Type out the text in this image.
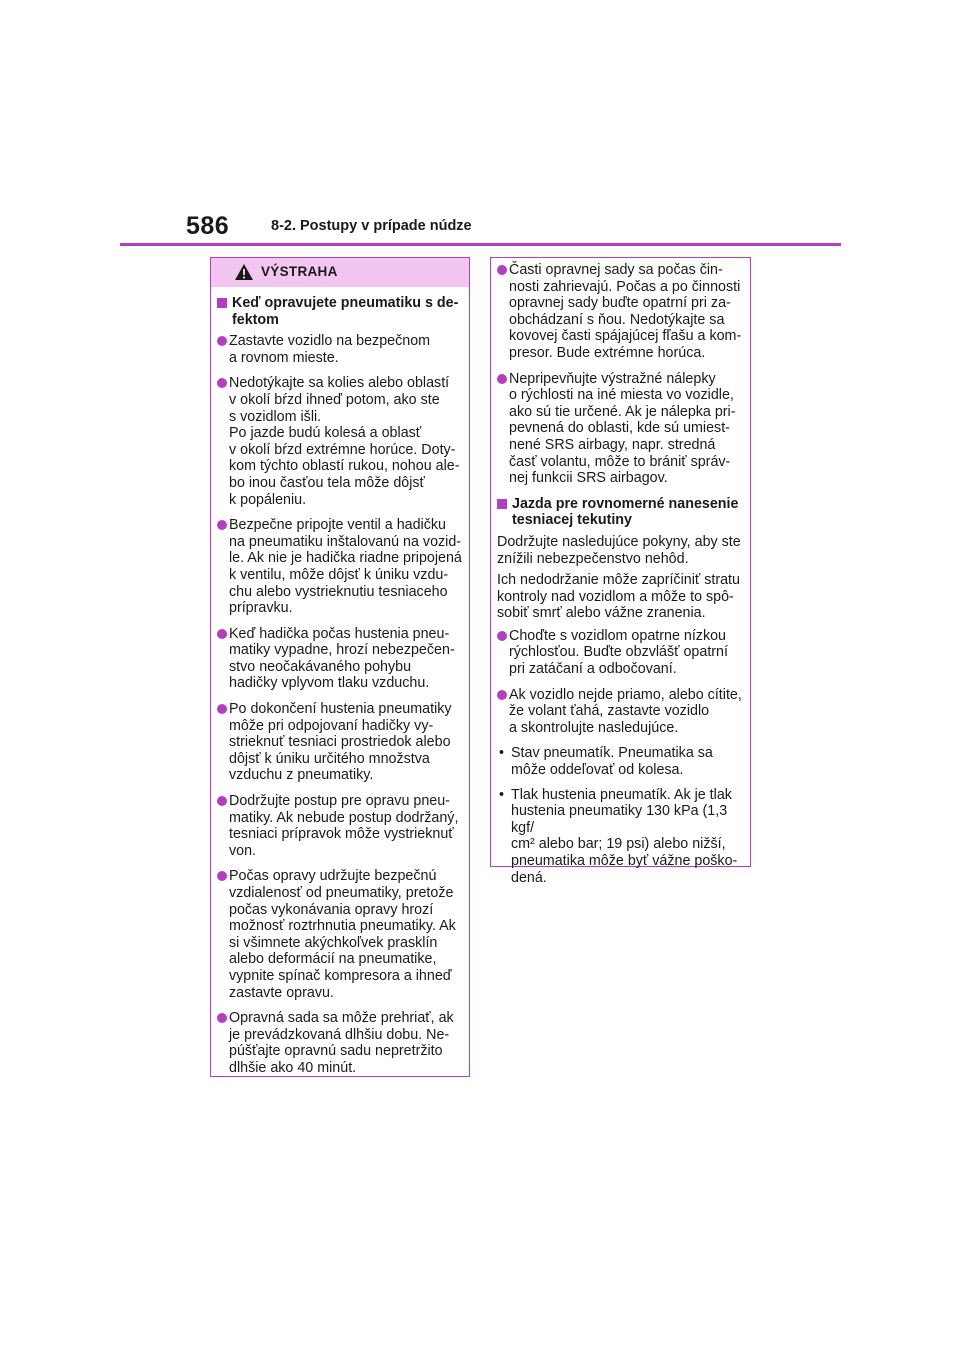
586	8-2. Postupy v prípade núdze
VÝSTRAHA
Keď opravujete pneumatiku s de-
fektom
Zastavte vozidlo na bezpečnom
a rovnom mieste.
Nedotýkajte sa kolies alebo oblastí
v okolí bŕzd ihneď potom, ako ste
s vozidlom išli.
Po jazde budú kolesá a oblasť
v okolí bŕzd extrémne horúce. Doty-
kom týchto oblastí rukou, nohou ale-
bo inou časťou tela môže dôjsť
k popáleniu.
Bezpečne pripojte ventil a hadičku
na pneumatiku inštalovanú na vozid-
le. Ak nie je hadička riadne pripojená
k ventilu, môže dôjsť k úniku vzdu-
chu alebo vystrieknutiu tesniaceho
prípravku.
Keď hadička počas hustenia pneu-
matiky vypadne, hrozí nebezpečen-
stvo neočakávaného pohybu
hadičky vplyvom tlaku vzduchu.
Po dokončení hustenia pneumatiky
môže pri odpojovaní hadičky vy-
strieknuť tesniaci prostriedok alebo
dôjsť k úniku určitého množstva
vzduchu z pneumatiky.
Dodržujte postup pre opravu pneu-
matiky. Ak nebude postup dodržaný,
tesniaci prípravok môže vystrieknuť
von.
Počas opravy udržujte bezpečnú
vzdialenosť od pneumatiky, pretože
počas vykonávania opravy hrozí
možnosť roztrhnutia pneumatiky. Ak
si všimnete akýchkoľvek prasklín
alebo deformácií na pneumatike,
vypnite spínač kompresora a ihneď
zastavte opravu.
Opravná sada sa môže prehriať, ak
je prevádzkovaná dlhšiu dobu. Ne-
púšťajte opravnú sadu nepretržito
dlhšie ako 40 minút.
Časti opravnej sady sa počas čin-
nosti zahrievajú. Počas a po činnosti
opravnej sady buďte opatrní pri za-
obchádzaní s ňou. Nedotýkajte sa
kovovej časti spájajúcej fľašu a kom-
presor. Bude extrémne horúca.
Nepripevňujte výstražné nálepky
o rýchlosti na iné miesta vo vozidle,
ako sú tie určené. Ak je nálepka pri-
pevnená do oblasti, kde sú umiest-
nené SRS airbagy, napr. stredná
časť volantu, môže to brániť správ-
nej funkcii SRS airbagov.
Jazda pre rovnomerné nanesenie
tesniacej tekutiny
Dodržujte nasledujúce pokyny, aby ste
znížili nebezpečenstvo nehôd.
Ich nedodržanie môže zapríčiniť stratu
kontroly nad vozidlom a môže to spô-
sobiť smrť alebo vážne zranenia.
Choďte s vozidlom opatrne nízkou
rýchlosťou. Buďte obzvlášť opatrní
pri zatáčaní a odbočovaní.
Ak vozidlo nejde priamo, alebo cítite,
že volant ťahá, zastavte vozidlo
a skontrolujte nasledujúce.
• Stav pneumatík. Pneumatika sa
môže oddeľovať od kolesa.
• Tlak hustenia pneumatík. Ak je tlak
hustenia pneumatiky 130 kPa (1,3 kgf/
cm² alebo bar; 19 psi) alebo nižší,
pneumatika môže byť vážne poško-
dená.
